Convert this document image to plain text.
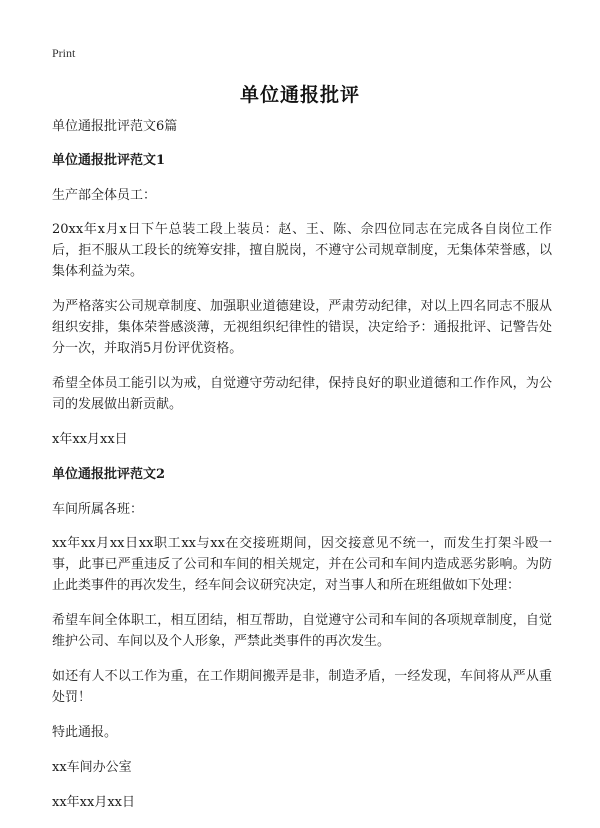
Print
单位通报批评

单位通报批评范文6篇

单位通报批评范文1

生产部全体员工：

20xx年x月x日下午总装工段上装员：赵、王、陈、佘四位同志在完成各自岗位工作后，拒不服从工段长的统筹安排，擅自脱岗，不遵守公司规章制度，无集体荣誉感，以集体利益为荣。

为严格落实公司规章制度、加强职业道德建设，严肃劳动纪律，对以上四名同志不服从组织安排，集体荣誉感淡薄，无视组织纪律性的错误，决定给予：通报批评、记警告处分一次，并取消5月份评优资格。

希望全体员工能引以为戒，自觉遵守劳动纪律，保持良好的职业道德和工作作风，为公司的发展做出新贡献。

x年xx月xx日

单位通报批评范文2

车间所属各班：

xx年xx月xx日xx职工xx与xx在交接班期间，因交接意见不统一，而发生打架斗殴一事，此事已严重违反了公司和车间的相关规定，并在公司和车间内造成恶劣影响。为防止此类事件的再次发生，经车间会议研究决定，对当事人和所在班组做如下处理：

希望车间全体职工，相互团结，相互帮助，自觉遵守公司和车间的各项规章制度，自觉维护公司、车间以及个人形象，严禁此类事件的再次发生。

如还有人不以工作为重，在工作期间搬弄是非，制造矛盾，一经发现，车间将从严从重处罚！

特此通报。

xx车间办公室

xx年xx月xx日
